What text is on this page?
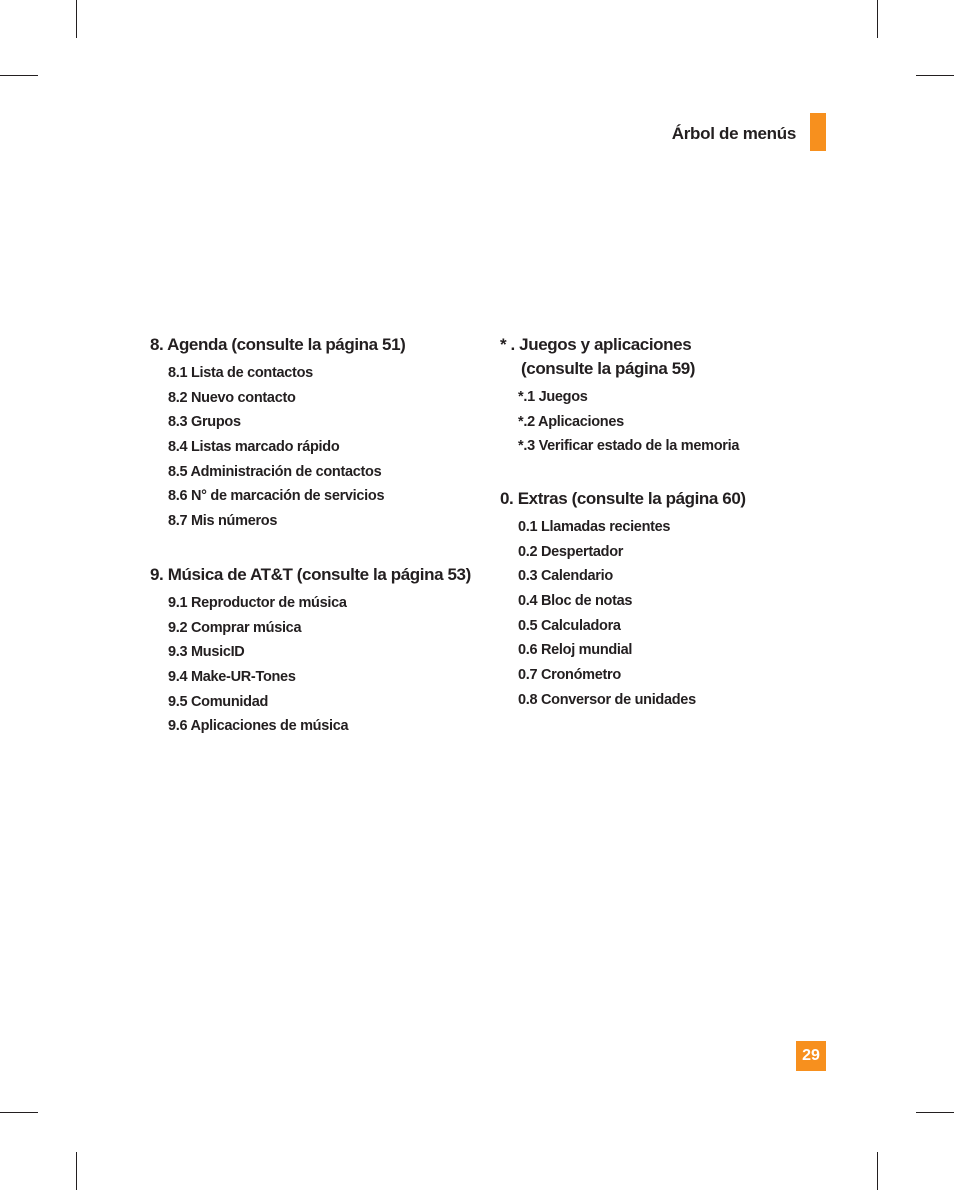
Árbol de menús
8. Agenda (consulte la página 51)
8.1 Lista de contactos
8.2 Nuevo contacto
8.3 Grupos
8.4 Listas marcado rápido
8.5 Administración de contactos
8.6 N° de marcación de servicios
8.7 Mis números
9. Música de AT&T (consulte la página 53)
9.1 Reproductor de música
9.2 Comprar música
9.3 MusicID
9.4 Make-UR-Tones
9.5 Comunidad
9.6 Aplicaciones de música
* . Juegos y aplicaciones
(consulte la página 59)
*.1 Juegos
*.2 Aplicaciones
*.3 Verificar estado de la memoria
0. Extras (consulte la página 60)
0.1 Llamadas recientes
0.2 Despertador
0.3 Calendario
0.4 Bloc de notas
0.5 Calculadora
0.6 Reloj mundial
0.7 Cronómetro
0.8 Conversor de unidades
29
